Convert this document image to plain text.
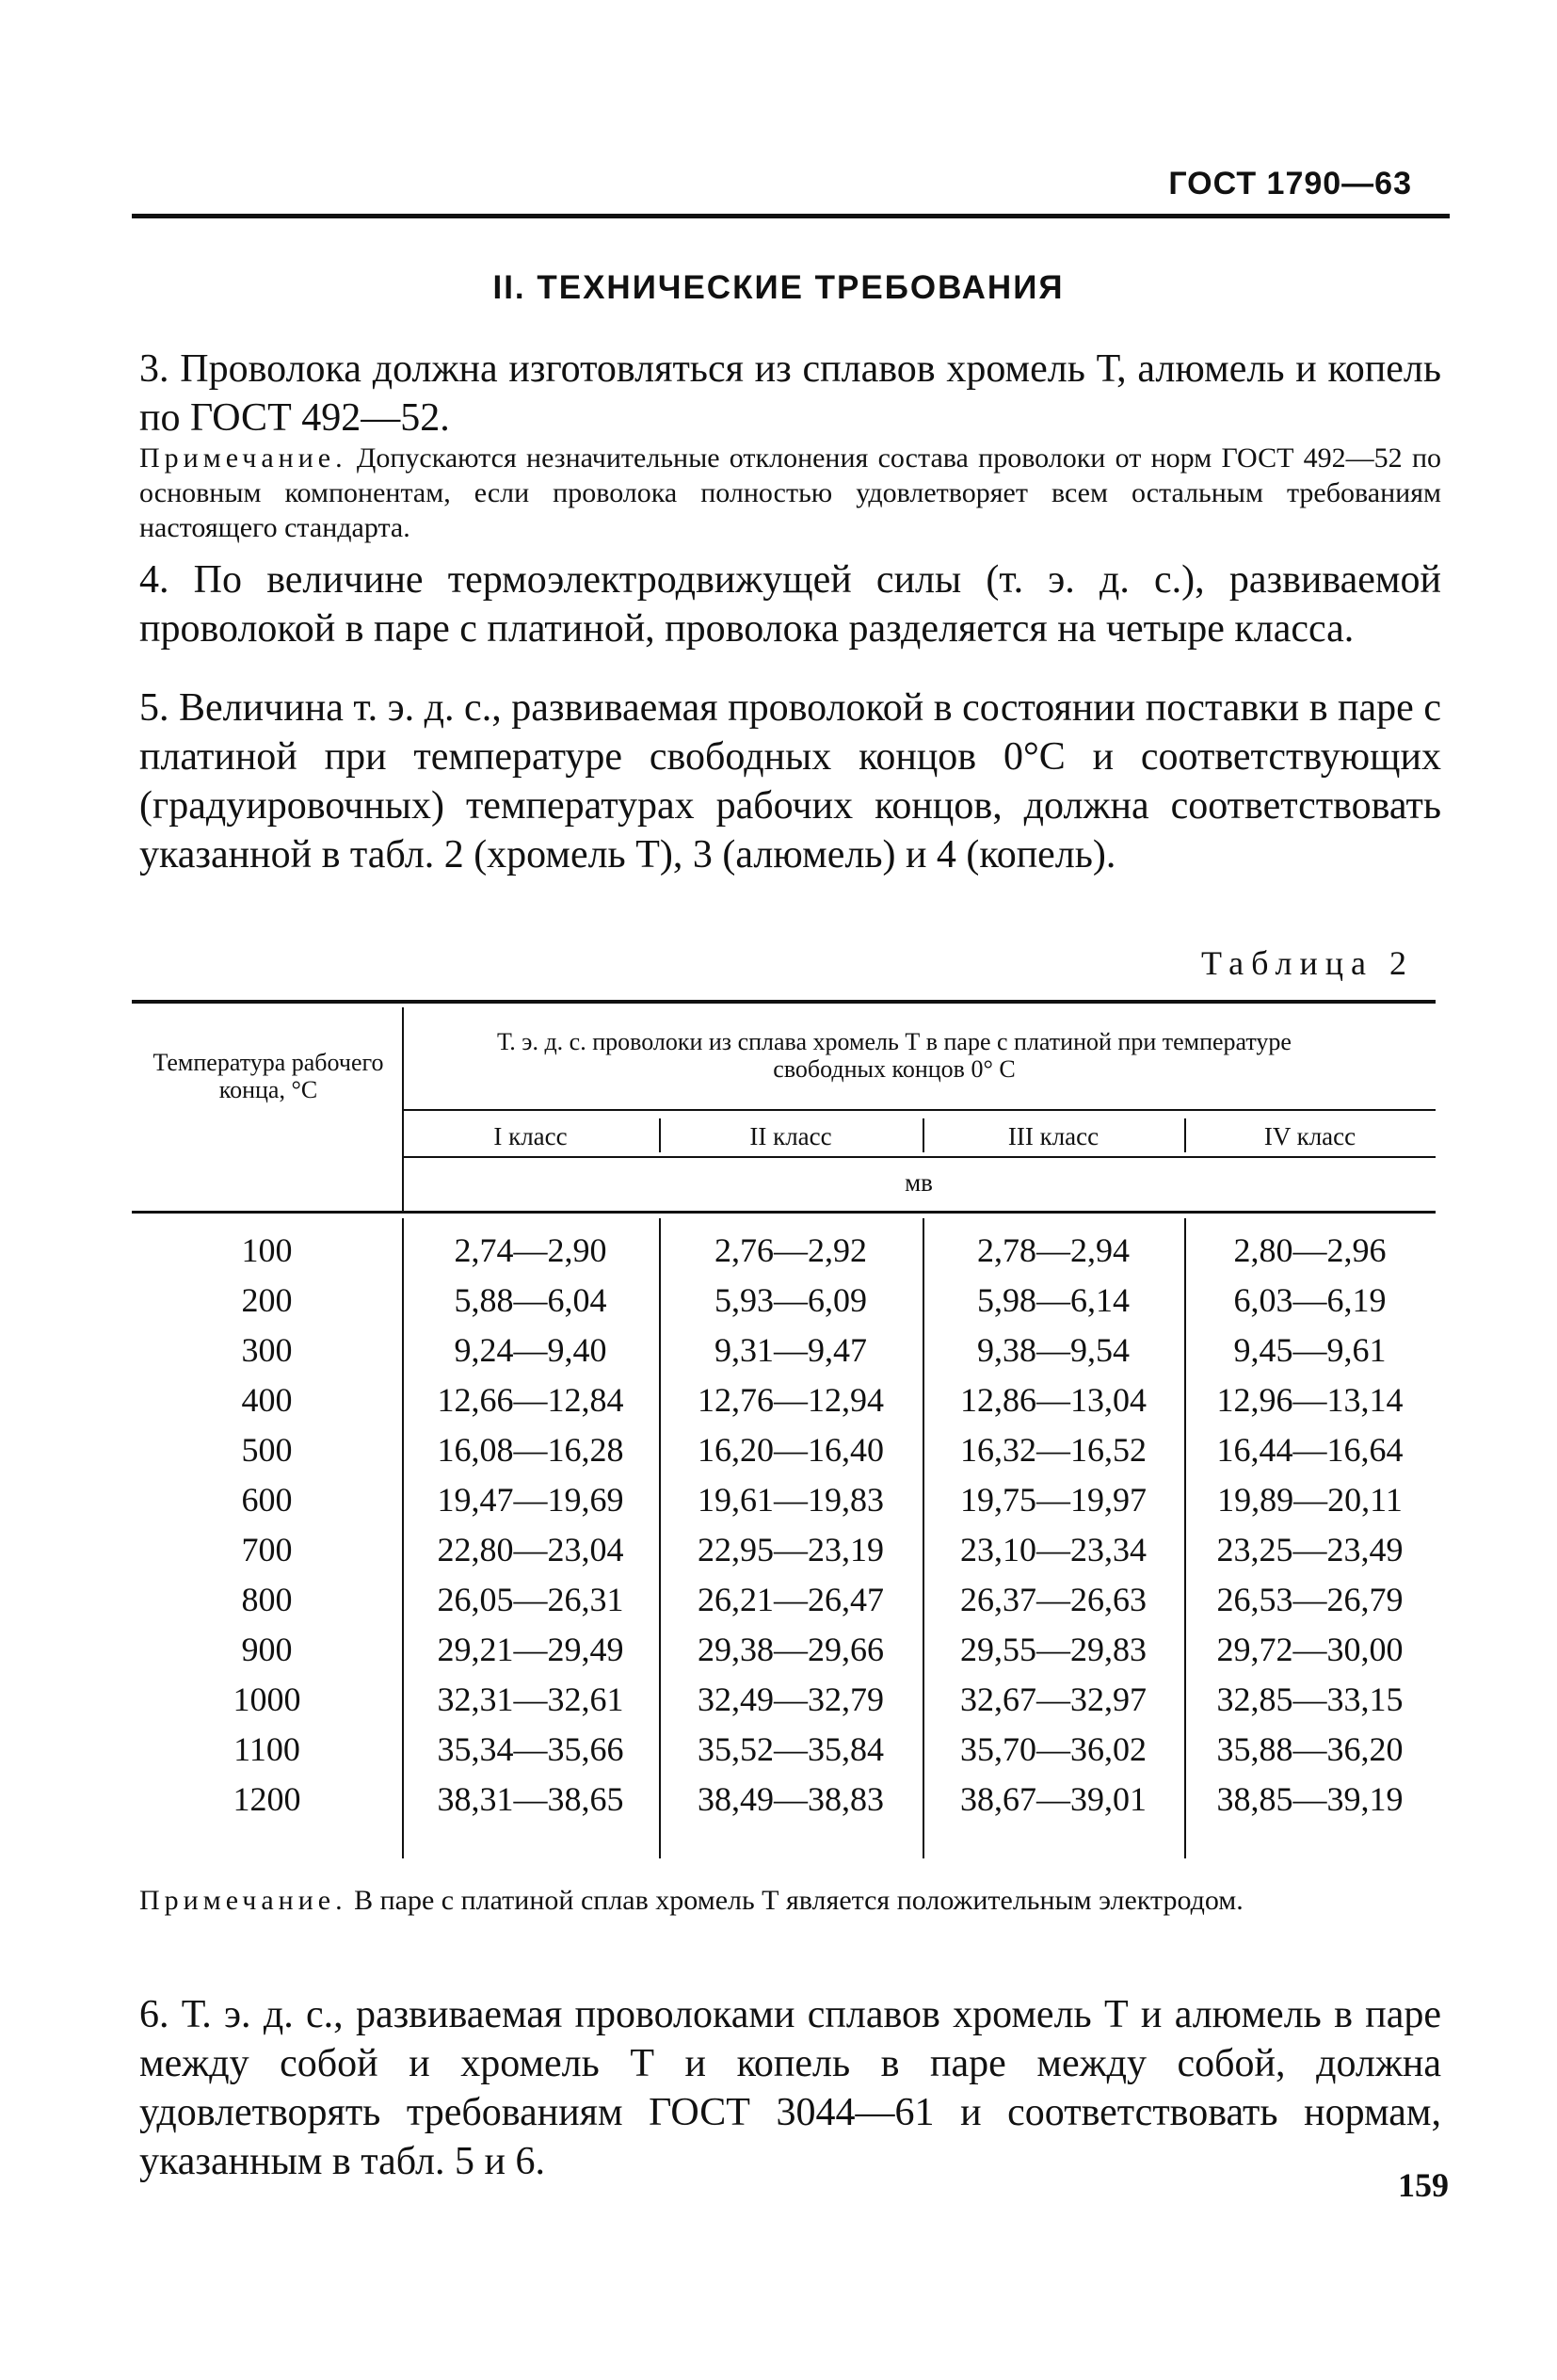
ГОСТ 1790—63
II. ТЕХНИЧЕСКИЕ ТРЕБОВАНИЯ
3. Проволока должна изготовляться из сплавов хромель Т, алюмель и копель по ГОСТ 492—52.
Примечание. Допускаются незначительные отклонения состава проволоки от норм ГОСТ 492—52 по основным компонентам, если проволока полностью удовлетворяет всем остальным требованиям настоящего стандарта.
4. По величине термоэлектродвижущей силы (т. э. д. с.), развиваемой проволокой в паре с платиной, проволока разделяется на четыре класса.
5. Величина т. э. д. с., развиваемая проволокой в состоянии поставки в паре с платиной при температуре свободных концов 0°С и соответствующих (градуировочных) температурах рабочих концов, должна соответствовать указанной в табл. 2 (хромель Т), 3 (алюмель) и 4 (копель).
Таблица 2
Температура рабочего конца, °С
Т. э. д. с. проволоки из сплава хромель Т в паре с платиной при температуре свободных концов 0° С
I класс	II класс	III класс	IV класс
мв
100	2,74—2,90	2,76—2,92	2,78—2,94	2,80—2,96
200	5,88—6,04	5,93—6,09	5,98—6,14	6,03—6,19
300	9,24—9,40	9,31—9,47	9,38—9,54	9,45—9,61
400	12,66—12,84	12,76—12,94	12,86—13,04	12,96—13,14
500	16,08—16,28	16,20—16,40	16,32—16,52	16,44—16,64
600	19,47—19,69	19,61—19,83	19,75—19,97	19,89—20,11
700	22,80—23,04	22,95—23,19	23,10—23,34	23,25—23,49
800	26,05—26,31	26,21—26,47	26,37—26,63	26,53—26,79
900	29,21—29,49	29,38—29,66	29,55—29,83	29,72—30,00
1000	32,31—32,61	32,49—32,79	32,67—32,97	32,85—33,15
1100	35,34—35,66	35,52—35,84	35,70—36,02	35,88—36,20
1200	38,31—38,65	38,49—38,83	38,67—39,01	38,85—39,19
Примечание. В паре с платиной сплав хромель Т является положительным электродом.
6. Т. э. д. с., развиваемая проволоками сплавов хромель Т и алюмель в паре между собой и хромель Т и копель в паре между собой, должна удовлетворять требованиям ГОСТ 3044—61 и соответствовать нормам, указанным в табл. 5 и 6.
159
